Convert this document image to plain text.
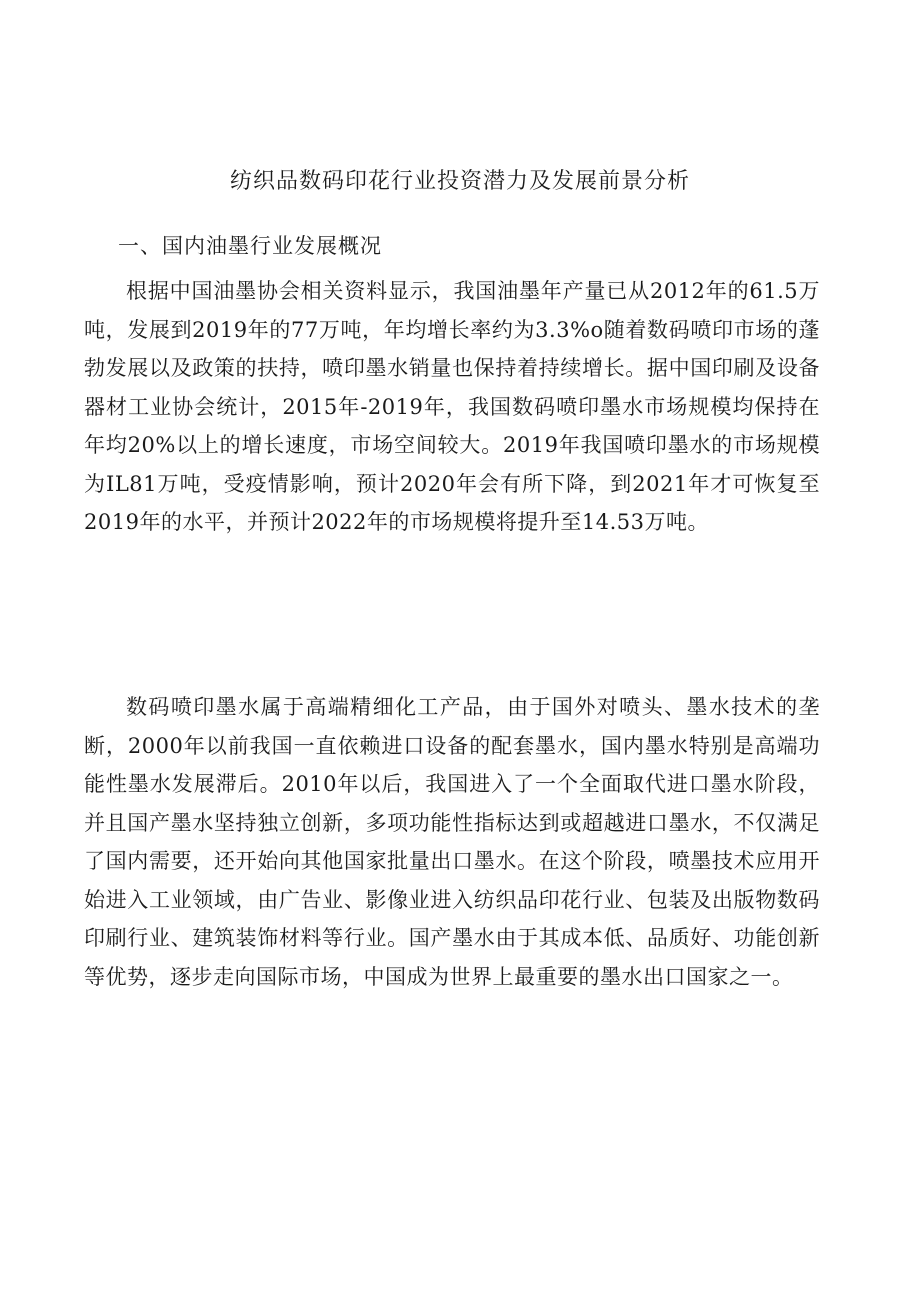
纺织品数码印花行业投资潜力及发展前景分析
一、国内油墨行业发展概况

根据中国油墨协会相关资料显示，我国油墨年产量已从2012年的61.5万吨，发展到2019年的77万吨，年均增长率约为3.3%o随着数码喷印市场的蓬勃发展以及政策的扶持，喷印墨水销量也保持着持续增长。据中国印刷及设备器材工业协会统计，2015年-2019年，我国数码喷印墨水市场规模均保持在年均20%以上的增长速度，市场空间较大。2019年我国喷印墨水的市场规模为IL81万吨，受疫情影响，预计2020年会有所下降，到2021年才可恢复至2019年的水平，并预计2022年的市场规模将提升至14.53万吨。

数码喷印墨水属于高端精细化工产品，由于国外对喷头、墨水技术的垄断，2000年以前我国一直依赖进口设备的配套墨水，国内墨水特别是高端功能性墨水发展滞后。2010年以后，我国进入了一个全面取代进口墨水阶段，并且国产墨水坚持独立创新，多项功能性指标达到或超越进口墨水，不仅满足了国内需要，还开始向其他国家批量出口墨水。在这个阶段，喷墨技术应用开始进入工业领域，由广告业、影像业进入纺织品印花行业、包装及出版物数码印刷行业、建筑装饰材料等行业。国产墨水由于其成本低、品质好、功能创新等优势，逐步走向国际市场，中国成为世界上最重要的墨水出口国家之一。
